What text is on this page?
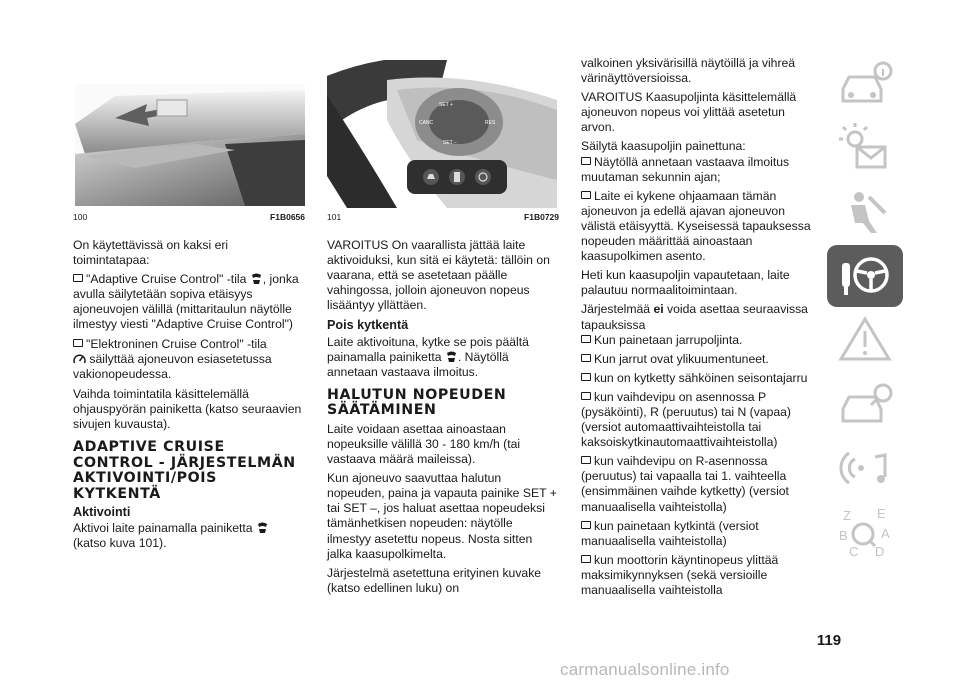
100	F1B0656

On käytettävissä on kaksi eri toimintatapaa:

"Adaptive Cruise Control" -tila , jonka avulla säilytetään sopiva etäisyys ajoneuvojen välillä (mittaritaulun näytölle ilmestyy viesti "Adaptive Cruise Control")

"Elektroninen Cruise Control" -tila
säilyttää ajoneuvon esiasetetussa vakionopeudessa.

Vaihda toimintatila käsittelemällä ohjauspyörän painiketta (katso seuraavien sivujen kuvausta).

ADAPTIVE CRUISE CONTROL - JÄRJESTELMÄN AKTIVOINTI/POIS KYTKENTÄ
Aktivointi

Aktivoi laite painamalla painiketta
(katso kuva 101).

SET +
CANC	RES
SET −
101	F1B0729

VAROITUS On vaarallista jättää laite aktivoiduksi, kun sitä ei käytetä: tällöin on vaarana, että se asetetaan päälle vahingossa, jolloin ajoneuvon nopeus lisääntyy yllättäen.

Pois kytkentä

Laite aktivoituna, kytke se pois päältä painamalla painiketta . Näytöllä annetaan vastaava ilmoitus.

HALUTUN NOPEUDEN SÄÄTÄMINEN

Laite voidaan asettaa ainoastaan nopeuksille välillä 30 - 180 km/h (tai vastaava määrä maileissa).

Kun ajoneuvo saavuttaa halutun nopeuden, paina ja vapauta painike SET + tai SET –, jos haluat asettaa nopeudeksi tämänhetkisen nopeuden: näytölle ilmestyy asetettu nopeus. Nosta sitten jalka kaasupolkimelta.

Järjestelmä asetettuna erityinen kuvake (katso edellinen luku) on

valkoinen yksivärisillä näytöillä ja vihreä värinäyttöversioissa.

VAROITUS Kaasupoljinta käsittelemällä ajoneuvon nopeus voi ylittää asetetun arvon.

Säilytä kaasupoljin painettuna:

Näytöllä annetaan vastaava ilmoitus muutaman sekunnin ajan;

Laite ei kykene ohjaamaan tämän ajoneuvon ja edellä ajavan ajoneuvon välistä etäisyyttä. Kyseisessä tapauksessa nopeuden määrittää ainoastaan kaasupolkimen asento.

Heti kun kaasupoljin vapautetaan, laite palautuu normaalitoimintaan.

Järjestelmää ei voida asettaa seuraavissa tapauksissa

Kun painetaan jarrupoljinta.

Kun jarrut ovat ylikuumentuneet.

kun on kytketty sähköinen seisontajarru

kun vaihdevipu on asennossa P (pysäköinti), R (peruutus) tai N (vapaa) (versiot automaattivaihteistolla tai kaksoiskytkinautomaattivaihteistolla)

kun vaihdevipu on R-asennossa (peruutus) tai vapaalla tai 1. vaihteella (ensimmäinen vaihde kytketty) (versiot manuaalisella vaihteistolla)

kun painetaan kytkintä (versiot manuaalisella vaihteistolla)

kun moottorin käyntinopeus ylittää maksimikynnyksen (sekä versioille manuaalisella vaihteistolla

Z E
B	A
C D
119
carmanualsonline.info
